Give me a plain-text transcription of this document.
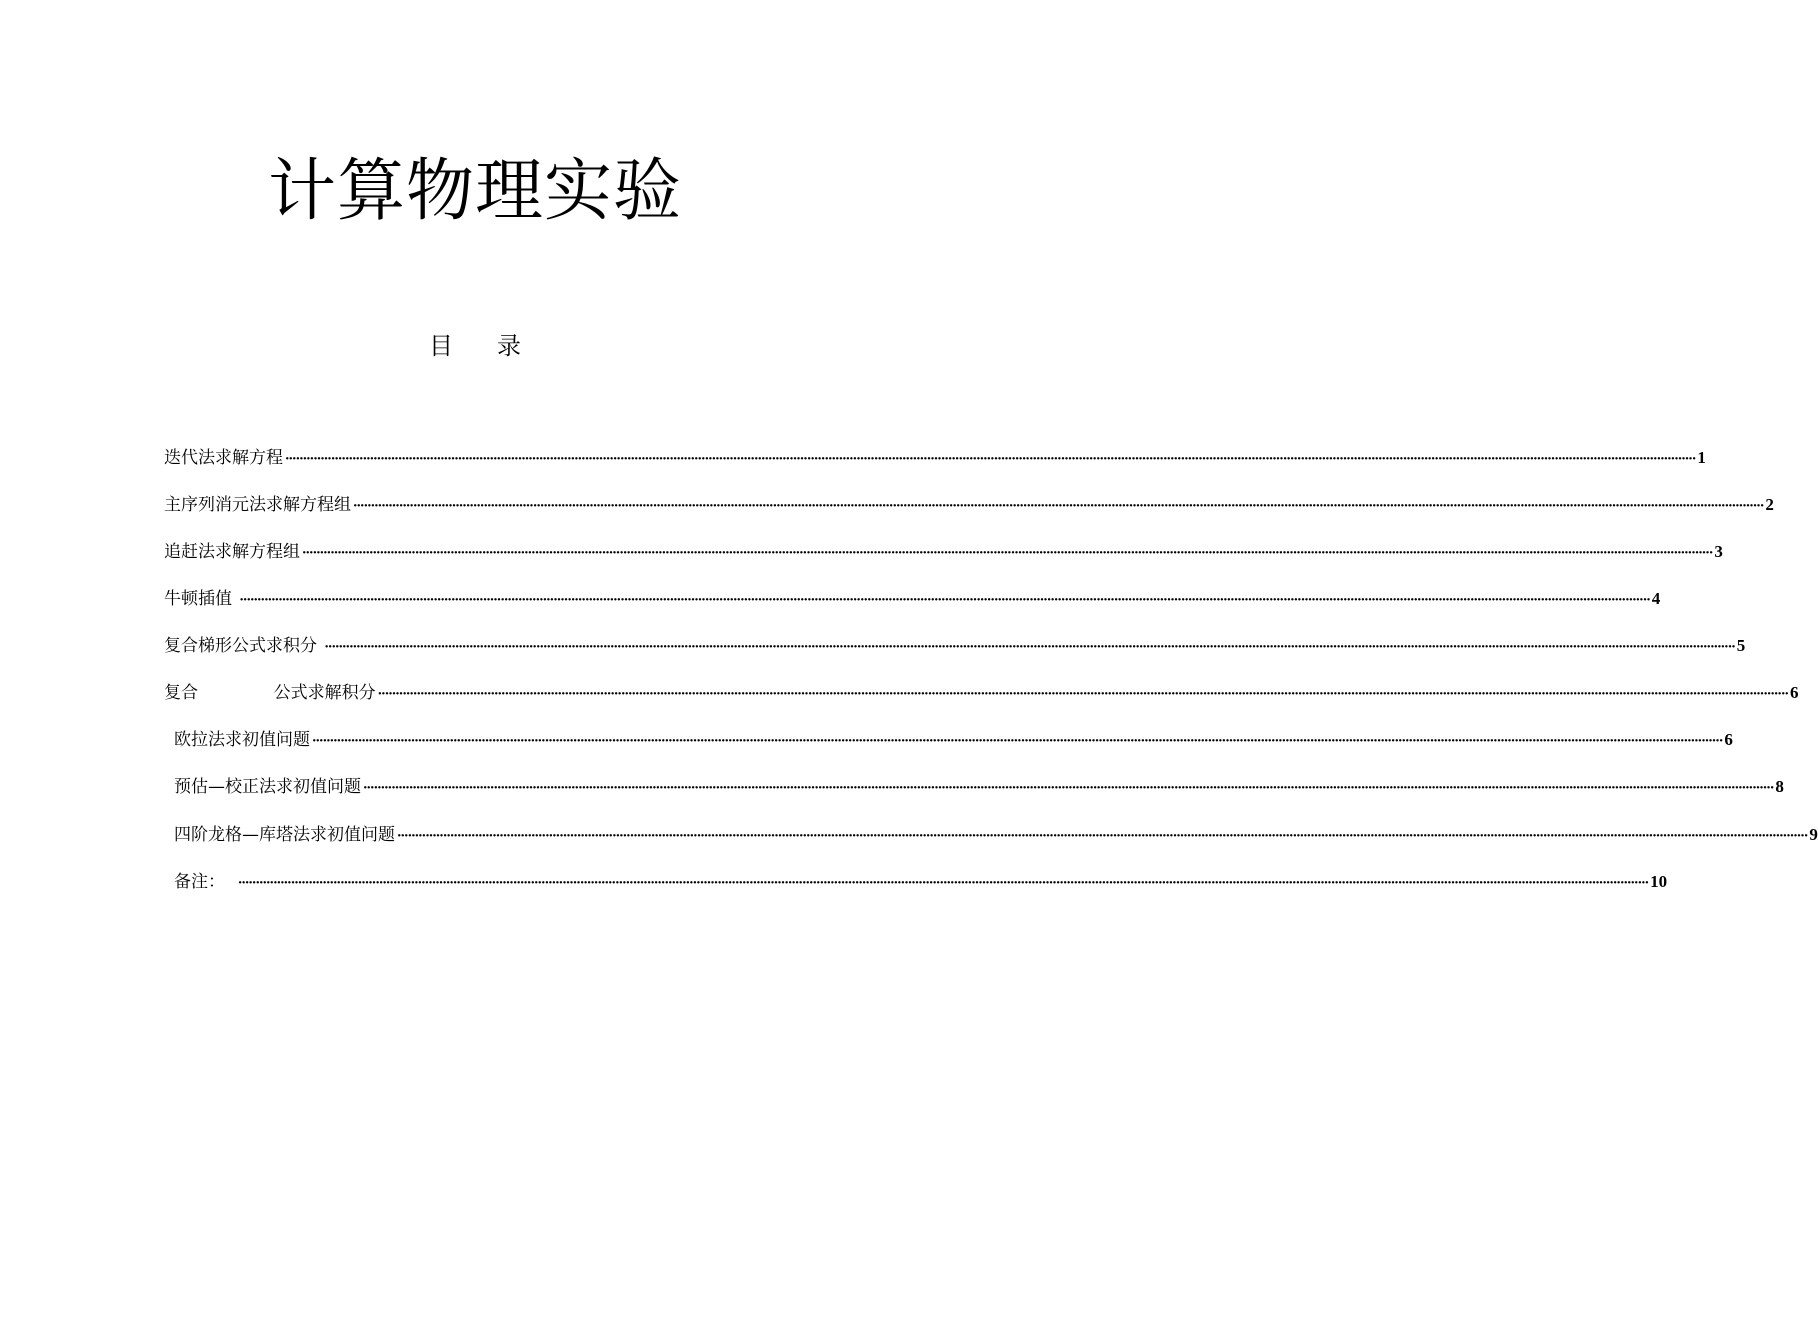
计算物理实验
目 录
迭代法求解方程 ················································································································································································································································································································································································································ 1
主序列消元法求解方程组 ················································································································································································································································································································································································································ 2
追赶法求解方程组 ················································································································································································································································································································································································································ 3
牛顿插值 ················································································································································································································································································································································································································ 4
复合梯形公式求积分 ················································································································································································································································································································································································································ 5
复合              公式求解积分 ················································································································································································································································································································································································································ 6
欧拉法求初值问题 ················································································································································································································································································································································································································ 6
预估—校正法求初值问题 ················································································································································································································································································································································································································ 8
四阶龙格—库塔法求初值问题 ················································································································································································································································································································································································································ 9
备注： ················································································································································································································································································································································································································ 10
